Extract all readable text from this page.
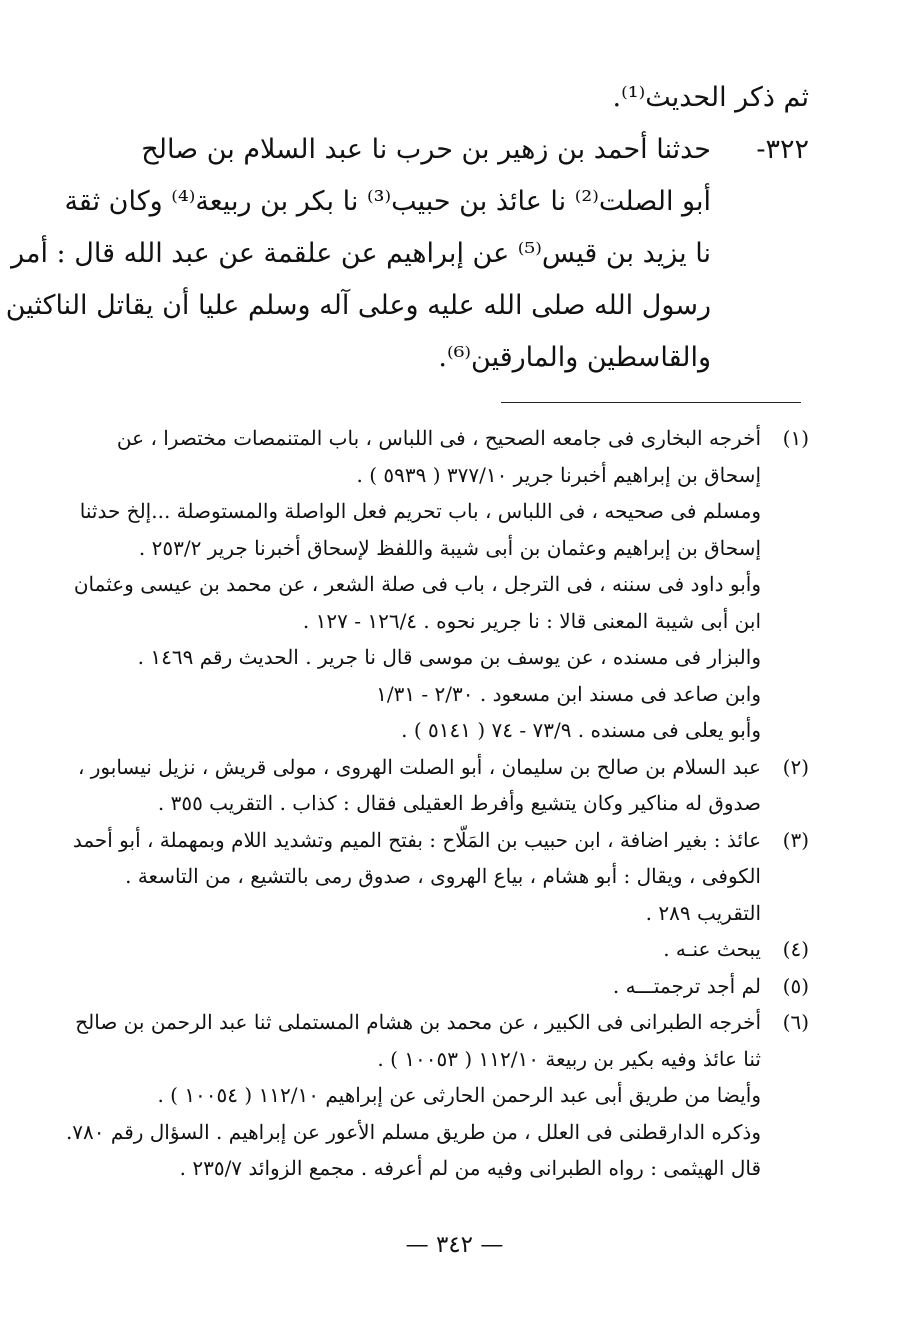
ثم ذكر الحديث⁽¹⁾.
٣٢٢-
حدثنا أحمد بن زهير بن حرب نا عبد السلام بن صالح
أبو الصلت⁽²⁾ نا عائذ بن حبيب⁽³⁾ نا بكر بن ربيعة⁽⁴⁾ وكان ثقة
نا يزيد بن قيس⁽⁵⁾ عن إبراهيم عن علقمة عن عبد الله قال : أمر
رسول الله صلى الله عليه وعلى آله وسلم عليا أن يقاتل الناكثين
والقاسطين والمارقين⁽⁶⁾.
(١)
أخرجه البخارى فى جامعه الصحيح ، فى اللباس ، باب المتنمصات مختصرا ، عن
إسحاق بن إبراهيم أخبرنا جرير ٣٧٧/١٠ ( ٥٩٣٩ ) .
ومسلم فى صحيحه ، فى اللباس ، باب تحريم فعل الواصلة والمستوصلة ...إلخ حدثنا
إسحاق بن إبراهيم وعثمان بن أبى شيبة واللفظ لإسحاق أخبرنا جرير ٢٥٣/٢ .
وأبو داود فى سننه ، فى الترجل ، باب فى صلة الشعر ، عن محمد بن عيسى وعثمان
ابن أبى شيبة المعنى قالا : نا جرير نحوه . ١٢٦/٤ - ١٢٧ .
والبزار فى مسنده ، عن يوسف بن موسى قال نا جرير . الحديث رقم ١٤٦٩ .
وابن صاعد فى مسند ابن مسعود . ٢/٣٠ - ١/٣١
وأبو يعلى فى مسنده . ٧٣/٩ - ٧٤ ( ٥١٤١ ) .
(٢)
عبد السلام بن صالح بن سليمان ، أبو الصلت الهروى ، مولى قريش ، نزيل نيسابور ،
صدوق له مناكير وكان يتشيع وأفرط العقيلى فقال : كذاب . التقريب ٣٥٥ .
(٣)
عائذ : بغير اضافة ، ابن حبيب بن المَلّاح : بفتح الميم وتشديد اللام وبمهملة ، أبو أحمد
الكوفى ، ويقال : أبو هشام ، بياع الهروى ، صدوق رمى بالتشيع ، من التاسعة .
التقريب ٢٨٩ .
(٤)
يبحث عنـه .
(٥)
لم أجد ترجمتـــه .
(٦)
أخرجه الطبرانى فى الكبير ، عن محمد بن هشام المستملى ثنا عبد الرحمن بن صالح
ثنا عائذ وفيه بكير بن ربيعة ١١٢/١٠ ( ١٠٠٥٣ ) .
وأيضا من طريق أبى عبد الرحمن الحارثى عن إبراهيم ١١٢/١٠ ( ١٠٠٥٤ ) .
وذكره الدارقطنى فى العلل ، من طريق مسلم الأعور عن إبراهيم . السؤال رقم ٧٨٠.
قال الهيثمى : رواه الطبرانى وفيه من لم أعرفه . مجمع الزوائد ٢٣٥/٧ .
— ٣٤٢ —
